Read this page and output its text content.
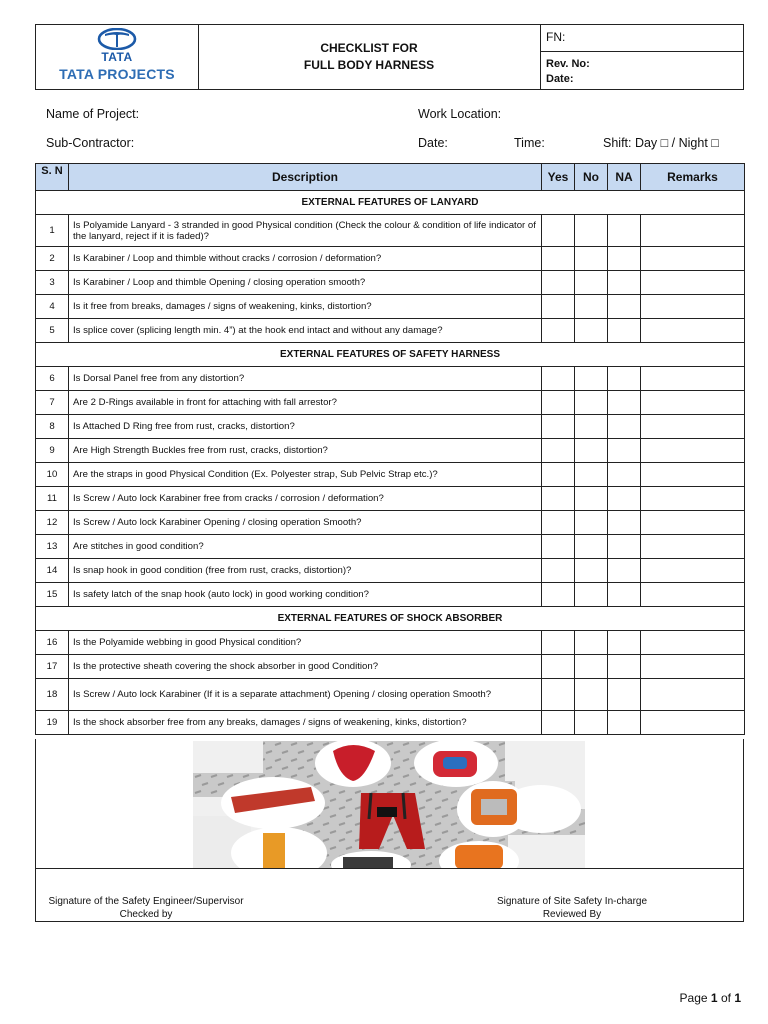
TATA
TATA PROJECTS
CHECKLIST FOR
FULL BODY HARNESS
FN:
Rev. No:
Date:
Name of Project:	Work Location:
Sub-Contractor:	Date:	Time:	Shift: Day □ / Night □
S. N	Description	Yes	No	NA	Remarks
EXTERNAL FEATURES OF LANYARD					
1	Is Polyamide Lanyard - 3 stranded in good Physical condition (Check the colour & condition of life indicator of the lanyard, reject if it is faded)?				
2	Is Karabiner / Loop and thimble without cracks / corrosion / deformation?				
3	Is Karabiner / Loop and thimble Opening / closing operation smooth?				
4	Is it free from breaks, damages / signs of weakening, kinks, distortion?				
5	Is splice cover (splicing length min. 4”) at the hook end intact and without any damage?				
EXTERNAL FEATURES OF SAFETY HARNESS					
6	Is Dorsal Panel free from any distortion?				
7	Are 2 D-Rings available in front for attaching with fall arrestor?				
8	Is Attached D Ring free from rust, cracks, distortion?				
9	Are High Strength Buckles free from rust, cracks, distortion?				
10	Are the straps in good Physical Condition (Ex. Polyester strap, Sub Pelvic Strap etc.)?				
11	Is Screw / Auto lock Karabiner free from cracks / corrosion / deformation?				
12	Is Screw / Auto lock Karabiner Opening / closing operation Smooth?				
13	Are stitches in good condition?				
14	Is snap hook in good condition (free from rust, cracks, distortion)?				
15	Is safety latch of the snap hook (auto lock) in good working condition?				
EXTERNAL FEATURES OF SHOCK ABSORBER					
16	Is the Polyamide webbing in good Physical condition?				
17	Is the protective sheath covering the shock absorber in good Condition?				
18	Is Screw / Auto lock Karabiner (If it is a separate attachment) Opening / closing operation Smooth?				
19	Is the shock absorber free from any breaks, damages / signs of weakening, kinks, distortion?				
Signature of the Safety Engineer/Supervisor
Checked by
Signature of Site Safety In-charge
Reviewed By
Page 1 of 1
